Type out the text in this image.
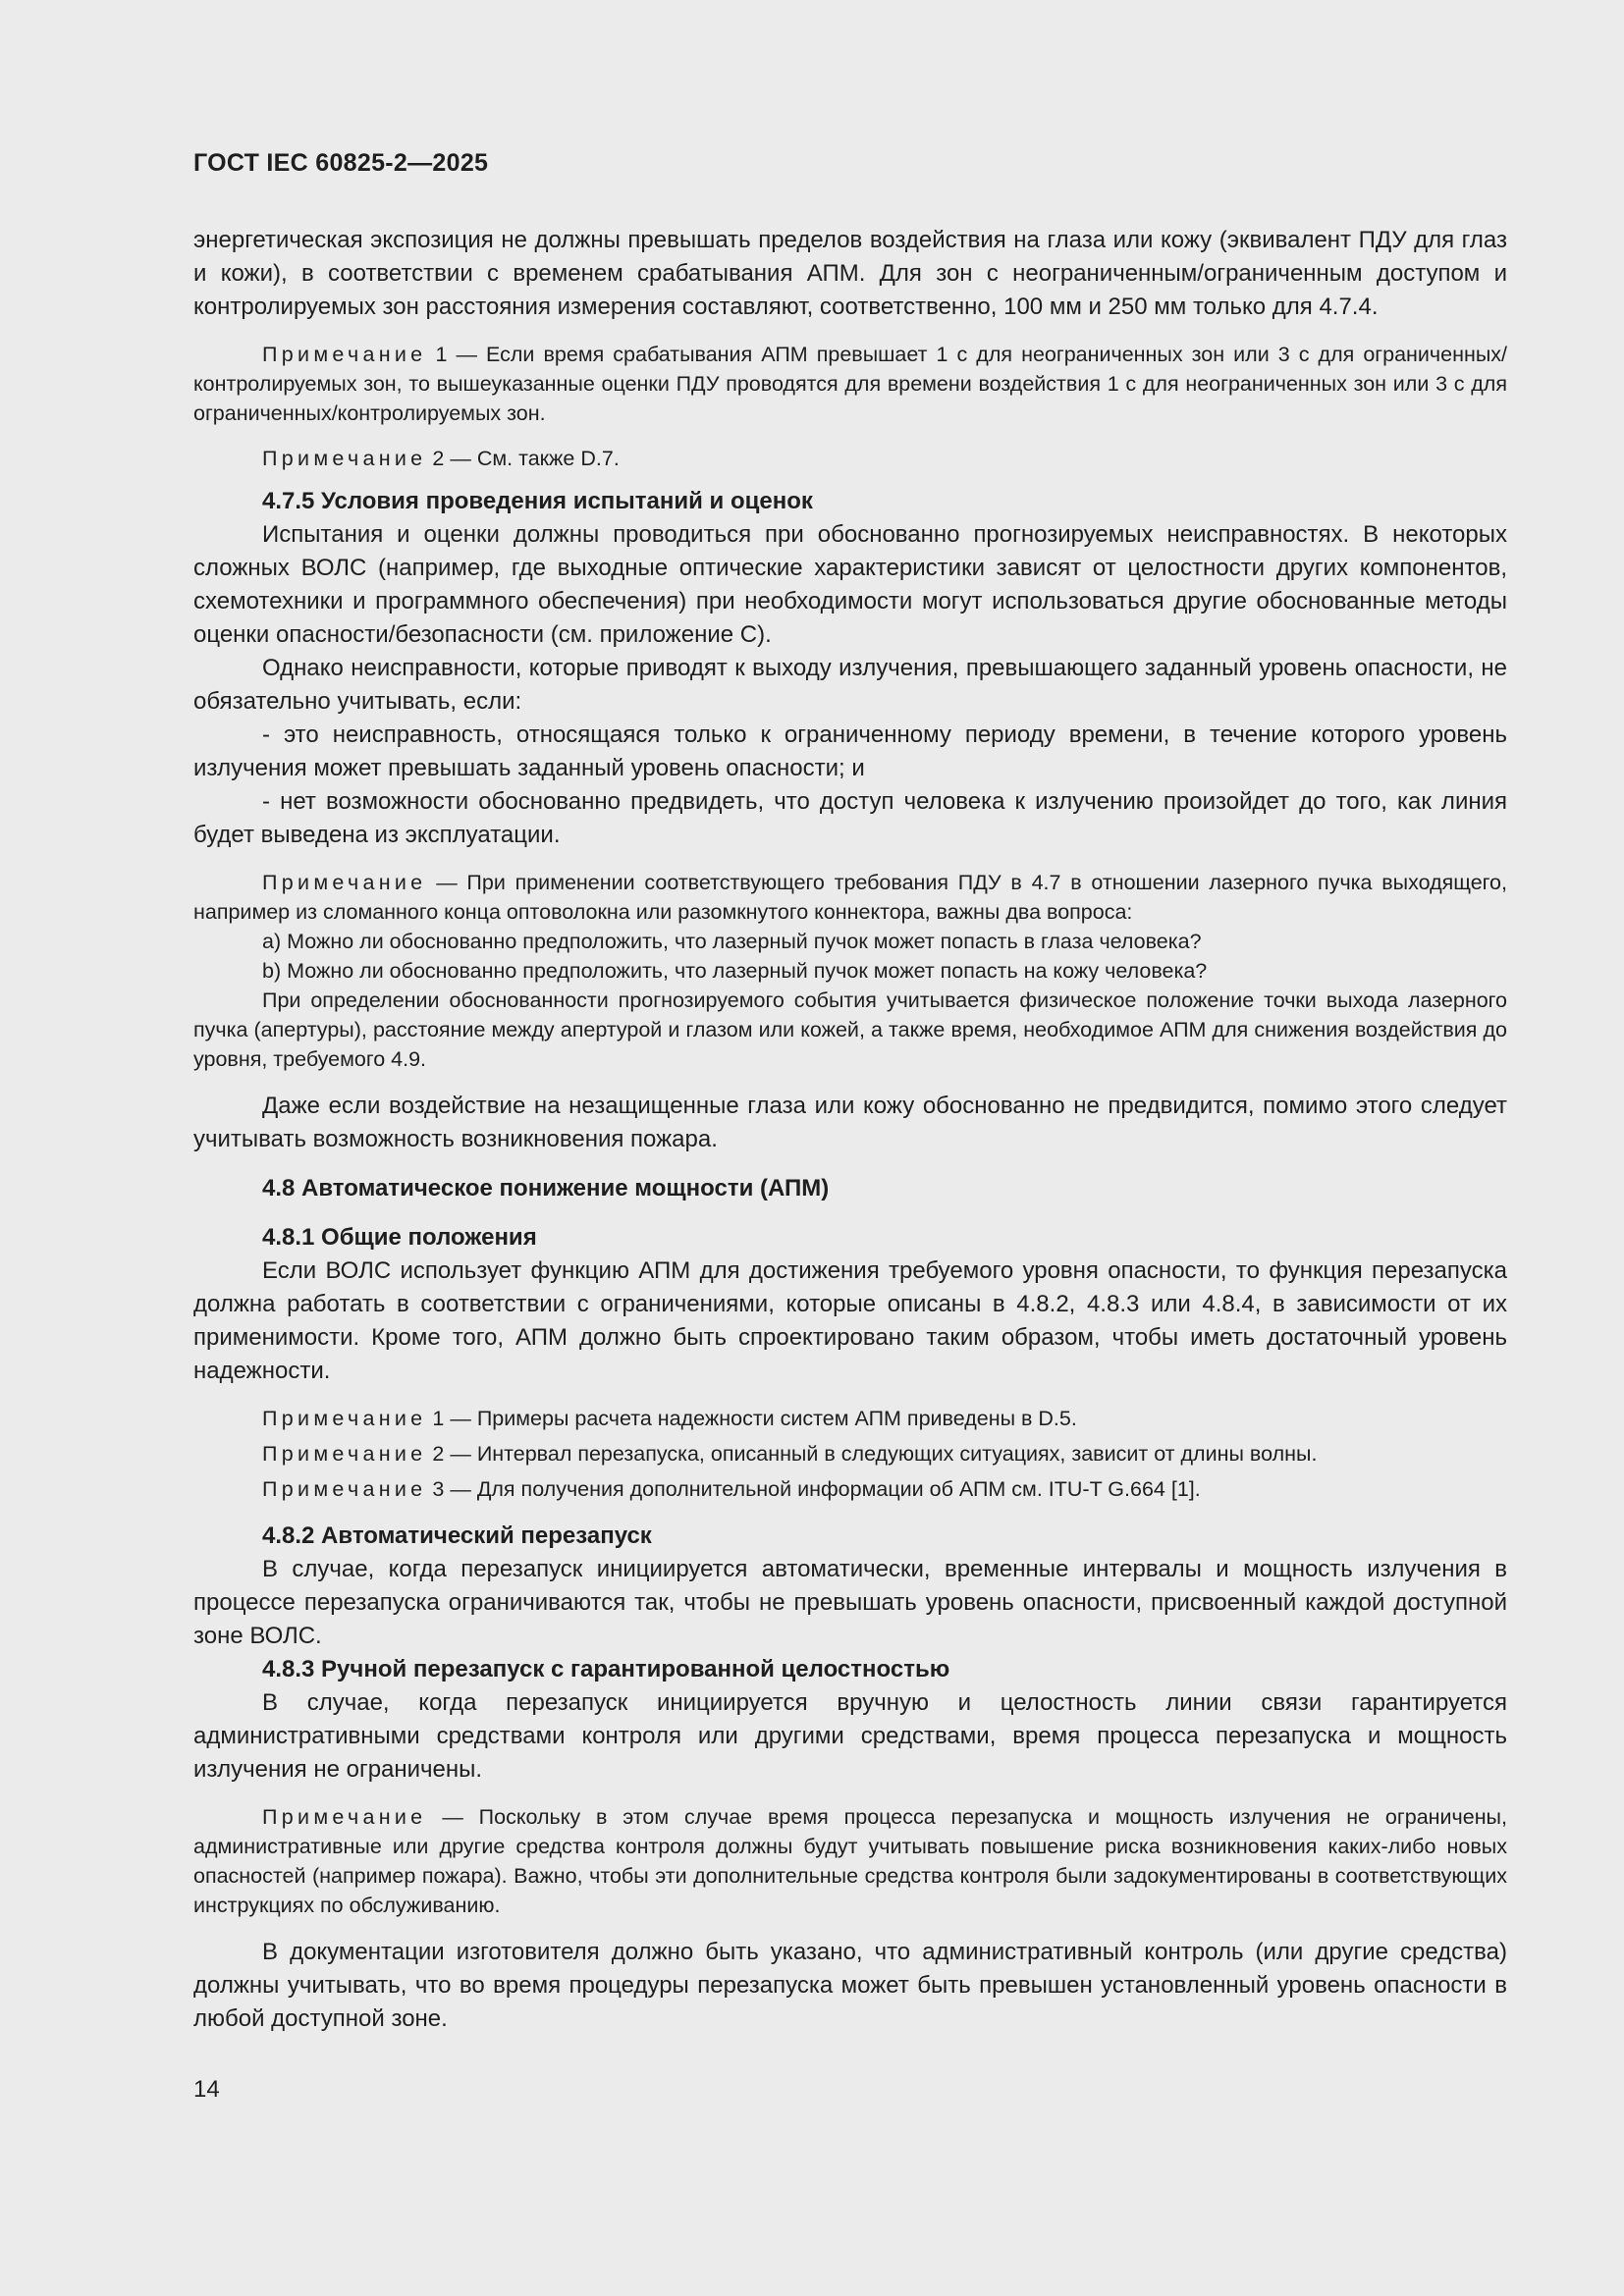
ГОСТ IEC 60825-2—2025

энергетическая экспозиция не должны превышать пределов воздействия на глаза или кожу (эквивалент ПДУ для глаз и кожи), в соответствии с временем срабатывания АПМ. Для зон с неограниченным/ограниченным доступом и контролируемых зон расстояния измерения составляют, соответственно, 100 мм и 250 мм только для 4.7.4.

Примечание 1 — Если время срабатывания АПМ превышает 1 с для неограниченных зон или 3 с для ограниченных/контролируемых зон, то вышеуказанные оценки ПДУ проводятся для времени воздействия 1 с для неограниченных зон или 3 с для ограниченных/контролируемых зон.

Примечание 2 — См. также D.7.

4.7.5 Условия проведения испытаний и оценок

Испытания и оценки должны проводиться при обоснованно прогнозируемых неисправностях. В некоторых сложных ВОЛС (например, где выходные оптические характеристики зависят от целостности других компонентов, схемотехники и программного обеспечения) при необходимости могут использоваться другие обоснованные методы оценки опасности/безопасности (см. приложение С).

Однако неисправности, которые приводят к выходу излучения, превышающего заданный уровень опасности, не обязательно учитывать, если:

- это неисправность, относящаяся только к ограниченному периоду времени, в течение которого уровень излучения может превышать заданный уровень опасности; и

- нет возможности обоснованно предвидеть, что доступ человека к излучению произойдет до того, как линия будет выведена из эксплуатации.

Примечание — При применении соответствующего требования ПДУ в 4.7 в отношении лазерного пучка выходящего, например из сломанного конца оптоволокна или разомкнутого коннектора, важны два вопроса:

a) Можно ли обоснованно предположить, что лазерный пучок может попасть в глаза человека?

b) Можно ли обоснованно предположить, что лазерный пучок может попасть на кожу человека?

При определении обоснованности прогнозируемого события учитывается физическое положение точки выхода лазерного пучка (апертуры), расстояние между апертурой и глазом или кожей, а также время, необходимое АПМ для снижения воздействия до уровня, требуемого 4.9.

Даже если воздействие на незащищенные глаза или кожу обоснованно не предвидится, помимо этого следует учитывать возможность возникновения пожара.

4.8 Автоматическое понижение мощности (АПМ)

4.8.1 Общие положения

Если ВОЛС использует функцию АПМ для достижения требуемого уровня опасности, то функция перезапуска должна работать в соответствии с ограничениями, которые описаны в 4.8.2, 4.8.3 или 4.8.4, в зависимости от их применимости. Кроме того, АПМ должно быть спроектировано таким образом, чтобы иметь достаточный уровень надежности.

Примечание 1 — Примеры расчета надежности систем АПМ приведены в D.5.

Примечание 2 — Интервал перезапуска, описанный в следующих ситуациях, зависит от длины волны.

Примечание 3 — Для получения дополнительной информации об АПМ см. ITU-T G.664 [1].

4.8.2 Автоматический перезапуск

В случае, когда перезапуск инициируется автоматически, временные интервалы и мощность излучения в процессе перезапуска ограничиваются так, чтобы не превышать уровень опасности, присвоенный каждой доступной зоне ВОЛС.

4.8.3 Ручной перезапуск с гарантированной целостностью

В случае, когда перезапуск инициируется вручную и целостность линии связи гарантируется административными средствами контроля или другими средствами, время процесса перезапуска и мощность излучения не ограничены.

Примечание — Поскольку в этом случае время процесса перезапуска и мощность излучения не ограничены, административные или другие средства контроля должны будут учитывать повышение риска возникновения каких-либо новых опасностей (например пожара). Важно, чтобы эти дополнительные средства контроля были задокументированы в соответствующих инструкциях по обслуживанию.

В документации изготовителя должно быть указано, что административный контроль (или другие средства) должны учитывать, что во время процедуры перезапуска может быть превышен установленный уровень опасности в любой доступной зоне.

14
